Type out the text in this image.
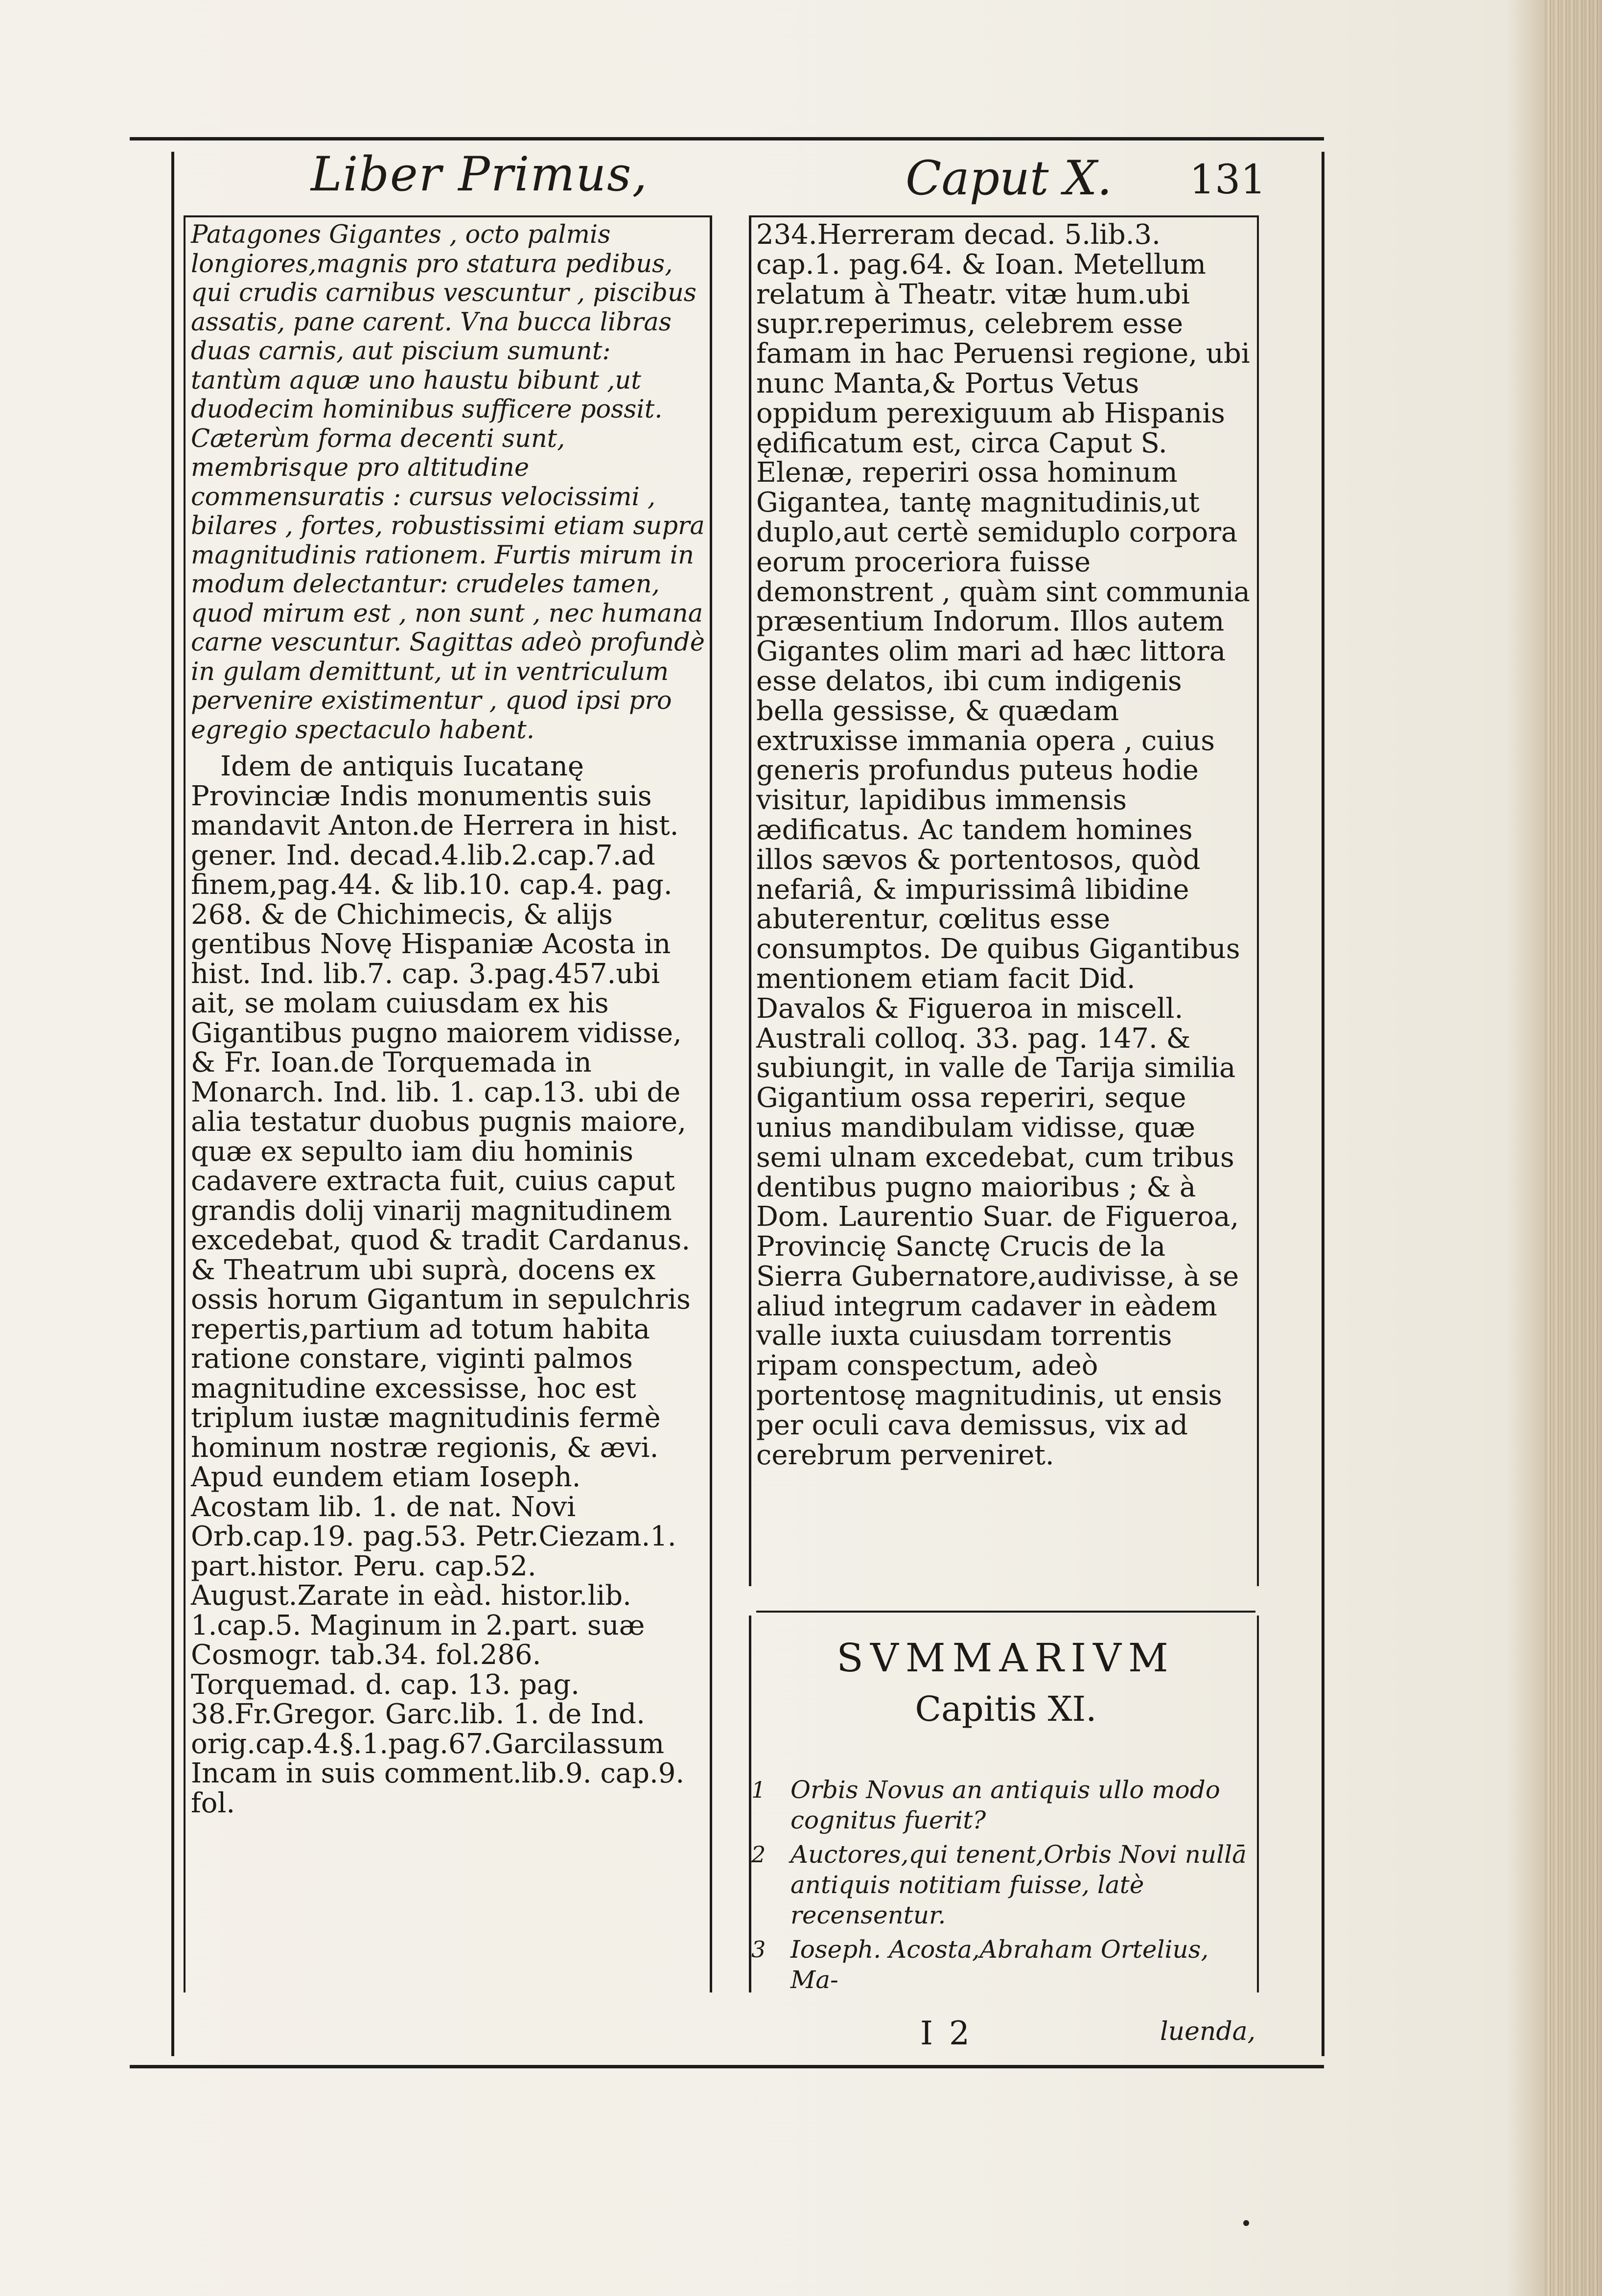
Liber Primus,	Caput X. 131

Patagones Gigantes , octo palmis longiores,magnis pro statura pedibus, qui crudis carnibus vescuntur , piscibus assatis, pane carent. Vna bucca libras duas carnis, aut piscium sumunt: tantùm aquæ uno haustu bibunt ,ut duodecim hominibus sufficere possit. Cæterùm forma decenti sunt, membrisque pro altitudine commensuratis : cursus velocissimi , bilares , fortes, robustissimi etiam supra magnitudinis rationem. Furtis mirum in modum delectantur: crudeles tamen, quod mirum est , non sunt , nec humana carne vescuntur. Sagittas adeò profundè in gulam demittunt, ut in ventriculum pervenire existimentur , quod ipsi pro egregio spectaculo habent.

Idem de antiquis Iucatanę Provinciæ Indis monumentis suis mandavit Anton.de Herrera in hist. gener. Ind. decad.4.lib.2.cap.7.ad finem,pag.44. & lib.10. cap.4. pag. 268. & de Chichimecis, & alijs gentibus Novę Hispaniæ Acosta in hist. Ind. lib.7. cap. 3.pag.457.ubi ait, se molam cuiusdam ex his Gigantibus pugno maiorem vidisse, & Fr. Ioan.de Torquemada in Monarch. Ind. lib. 1. cap.13. ubi de alia testatur duobus pugnis maiore, quæ ex sepulto iam diu hominis cadavere extracta fuit, cuius caput grandis dolij vinarij magnitudinem excedebat, quod & tradit Cardanus. & Theatrum ubi suprà, docens ex ossis horum Gigantum in sepulchris repertis,partium ad totum habita ratione constare, viginti palmos magnitudine excessisse, hoc est triplum iustæ magnitudinis fermè hominum nostræ regionis, & ævi. Apud eundem etiam Ioseph. Acostam lib. 1. de nat. Novi Orb.cap.19. pag.53. Petr.Ciezam.1. part.histor. Peru. cap.52. August.Zarate in eàd. histor.lib. 1.cap.5. Maginum in 2.part. suæ Cosmogr. tab.34. fol.286. Torquemad. d. cap. 13. pag. 38.Fr.Gregor. Garc.lib. 1. de Ind. orig.cap.4.§.1.pag.67.Garcilassum Incam in suis comment.lib.9. cap.9. fol.

234.Herreram decad. 5.lib.3. cap.1. pag.64. & Ioan. Metellum relatum à Theatr. vitæ hum.ubi supr.reperimus, celebrem esse famam in hac Peruensi regione, ubi nunc Manta,& Portus Vetus oppidum perexiguum ab Hispanis ędificatum est, circa Caput S. Elenæ, reperiri ossa hominum Gigantea, tantę magnitudinis,ut duplo,aut certè semiduplo corpora eorum proceriora fuisse demonstrent , quàm sint communia præsentium Indorum. Illos autem Gigantes olim mari ad hæc littora esse delatos, ibi cum indigenis bella gessisse, & quædam extruxisse immania opera , cuius generis profundus puteus hodie visitur, lapidibus immensis ædificatus. Ac tandem homines illos sævos & portentosos, quòd nefariâ, & impurissimâ libidine abuterentur, cœlitus esse consumptos. De quibus Gigantibus mentionem etiam facit Did. Davalos & Figueroa in miscell. Australi colloq. 33. pag. 147. & subiungit, in valle de Tarija similia Gigantium ossa reperiri, seque unius mandibulam vidisse, quæ semi ulnam excedebat, cum tribus dentibus pugno maioribus ; & à Dom. Laurentio Suar. de Figueroa, Provincię Sanctę Crucis de la Sierra Gubernatore,audivisse, à se aliud integrum cadaver in eàdem valle iuxta cuiusdam torrentis ripam conspectum, adeò portentosę magnitudinis, ut ensis per oculi cava demissus, vix ad cerebrum perveniret.

SVMMARIVM
Capitis XI.
1 Orbis Novus an antiquis ullo modo cognitus fuerit?
2 Auctores,qui tenent,Orbis Novi nullā antiquis notitiam fuisse, latè recensentur.
3 Ioseph. Acosta,Abraham Ortelius, Ma-
I 2	luenda,
